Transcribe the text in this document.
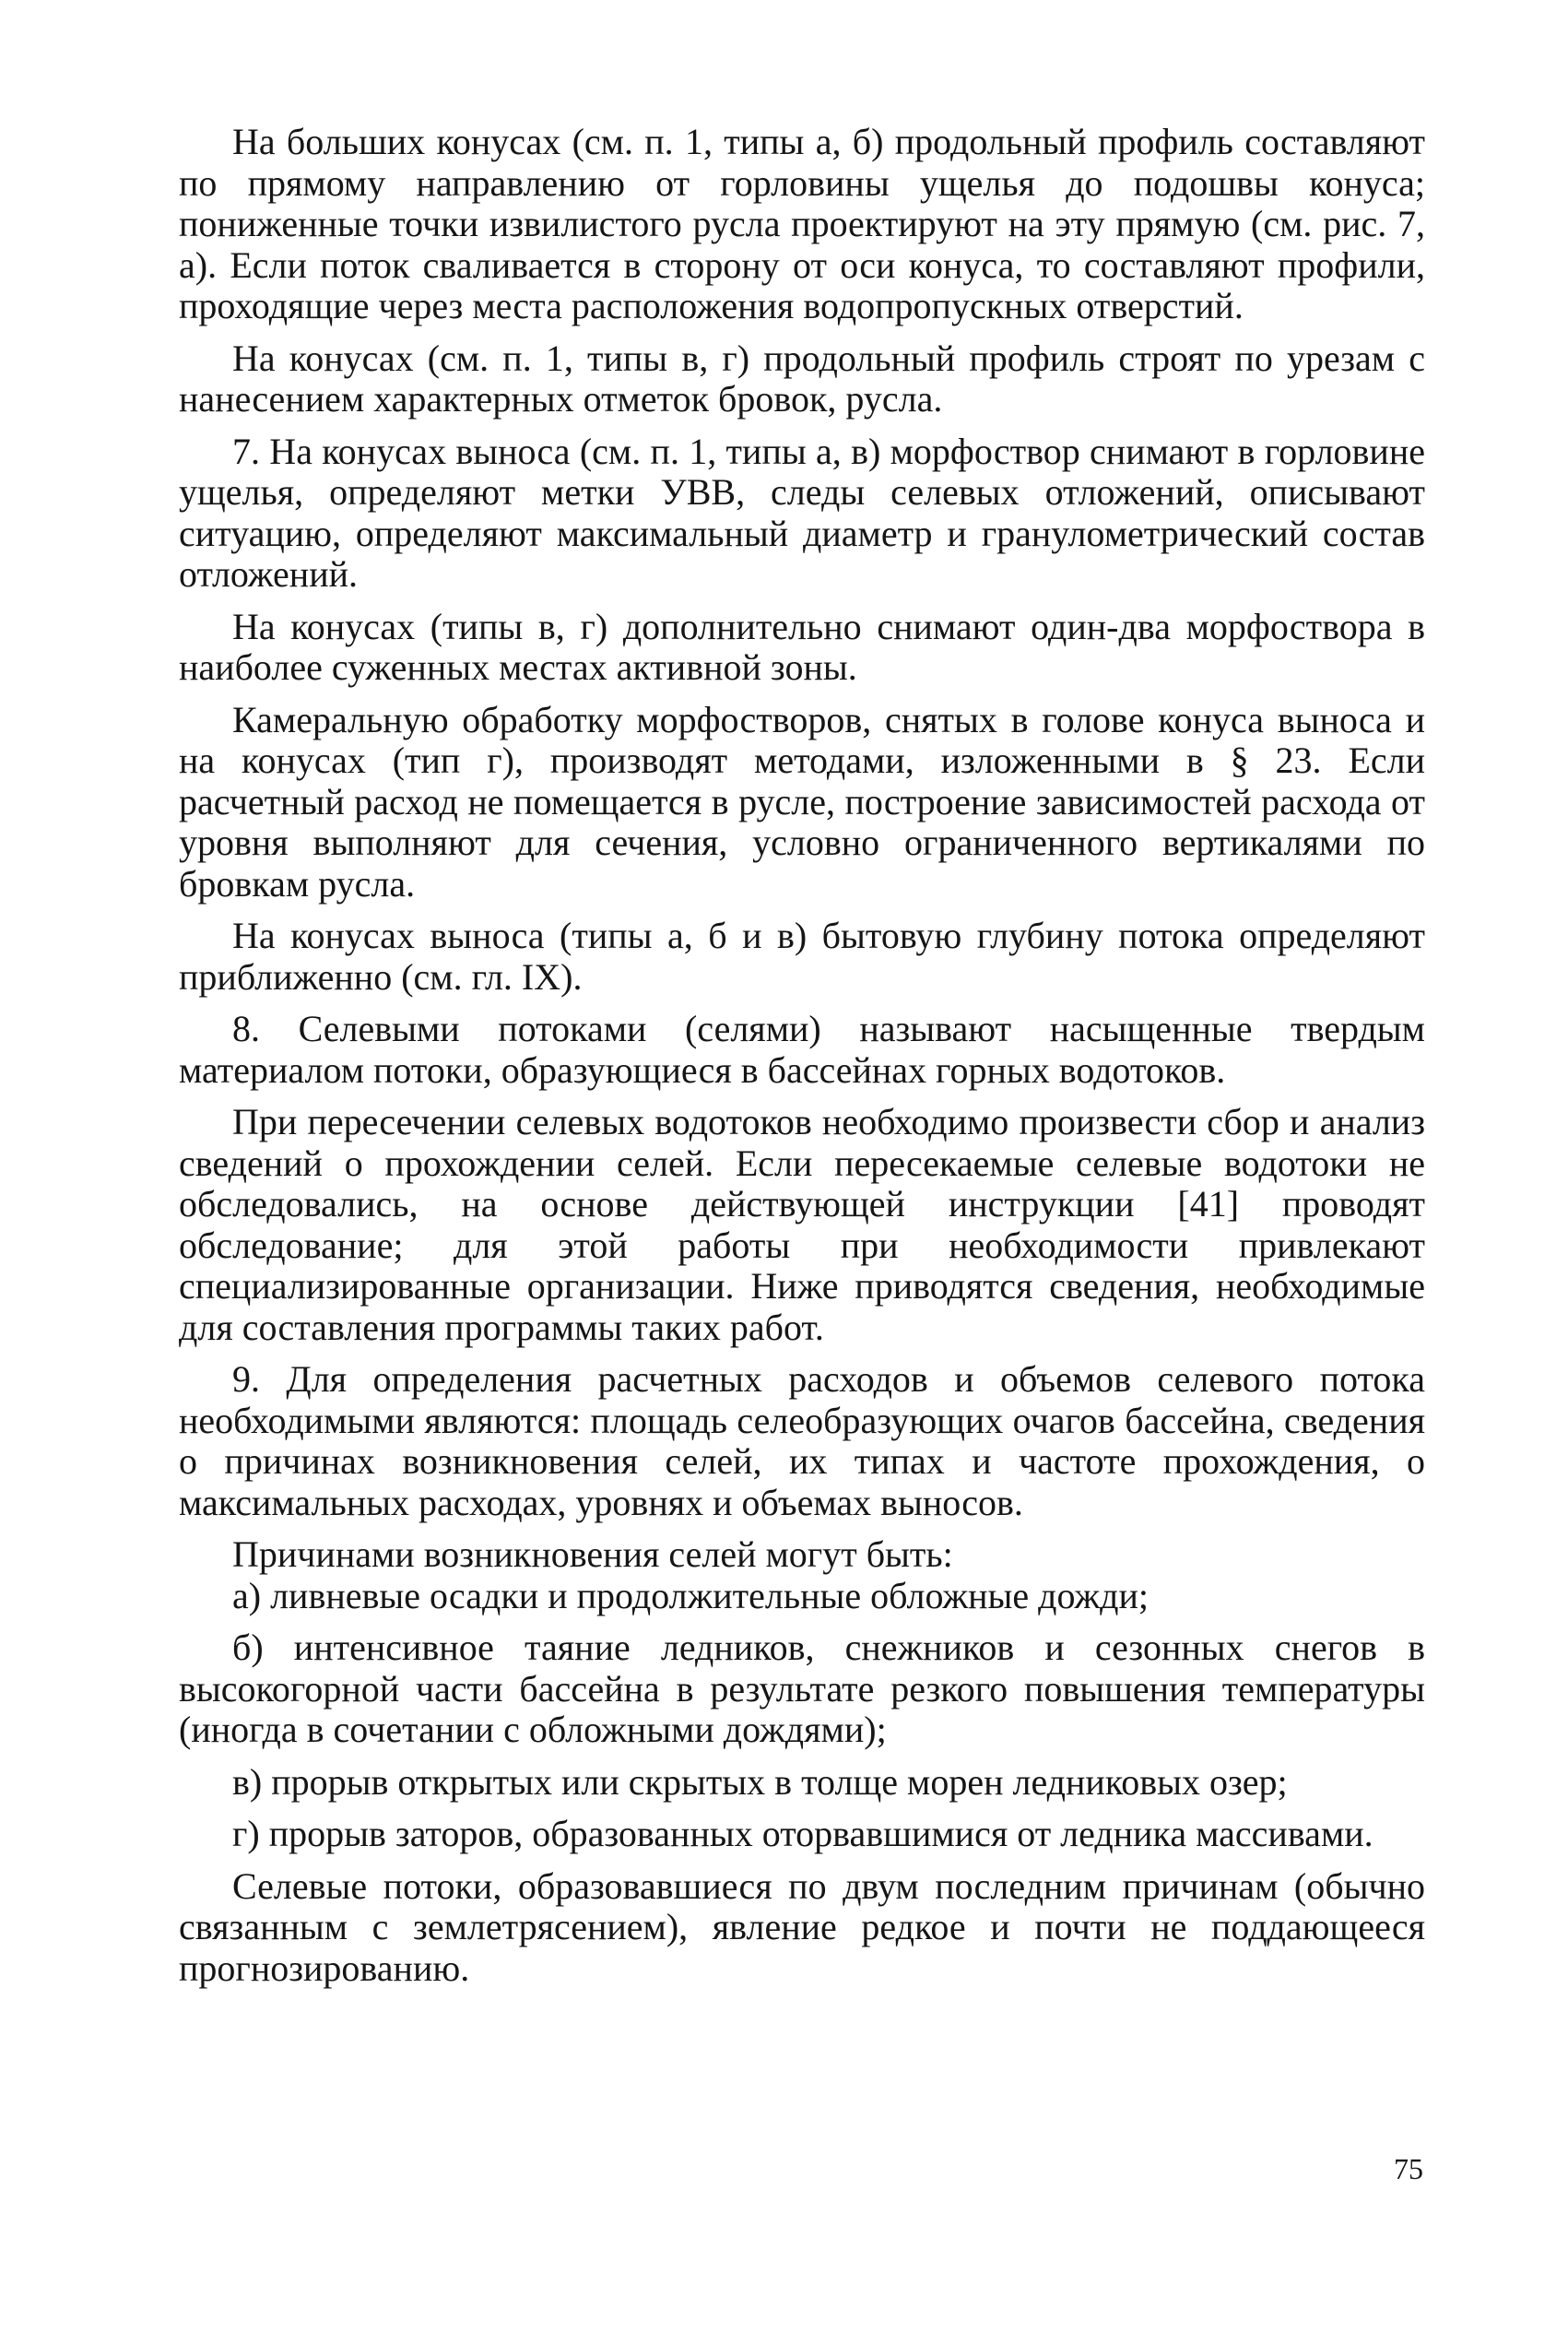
На больших конусах (см. п. 1, типы а, б) продольный профиль составляют по прямому направлению от горловины ущелья до подошвы конуса; пониженные точки извилистого русла проектируют на эту прямую (см. рис. 7, а). Если поток сваливается в сторону от оси конуса, то составляют профили, проходящие через места расположения водопропускных отверстий.

На конусах (см. п. 1, типы в, г) продольный профиль строят по урезам с нанесением характерных отметок бровок, русла.

7. На конусах выноса (см. п. 1, типы а, в) морфоствор снимают в горловине ущелья, определяют метки УВВ, следы селевых отложений, описывают ситуацию, определяют максимальный диаметр и гранулометрический состав отложений.

На конусах (типы в, г) дополнительно снимают один-два морфоствора в наиболее суженных местах активной зоны.

Камеральную обработку морфостворов, снятых в голове конуса выноса и на конусах (тип г), производят методами, изложенными в § 23. Если расчетный расход не помещается в русле, построение зависимостей расхода от уровня выполняют для сечения, условно ограниченного вертикалями по бровкам русла.

На конусах выноса (типы а, б и в) бытовую глубину потока определяют приближенно (см. гл. IX).

8. Селевыми потоками (селями) называют насыщенные твердым материалом потоки, образующиеся в бассейнах горных водотоков.

При пересечении селевых водотоков необходимо произвести сбор и анализ сведений о прохождении селей. Если пересекаемые селевые водотоки не обследовались, на основе действующей инструкции [41] проводят обследование; для этой работы при необходимости привлекают специализированные организации. Ниже приводятся сведения, необходимые для составления программы таких работ.

9. Для определения расчетных расходов и объемов селевого потока необходимыми являются: площадь селеобразующих очагов бассейна, сведения о причинах возникновения селей, их типах и частоте прохождения, о максимальных расходах, уровнях и объемах выносов.

Причинами возникновения селей могут быть:

а) ливневые осадки и продолжительные обложные дожди;

б) интенсивное таяние ледников, снежников и сезонных снегов в высокогорной части бассейна в результате резкого повышения температуры (иногда в сочетании с обложными дождями);

в) прорыв открытых или скрытых в толще морен ледниковых озер;

г) прорыв заторов, образованных оторвавшимися от ледника массивами.

Селевые потоки, образовавшиеся по двум последним причинам (обычно связанным с землетрясением), явление редкое и почти не поддающееся прогнозированию.

75
